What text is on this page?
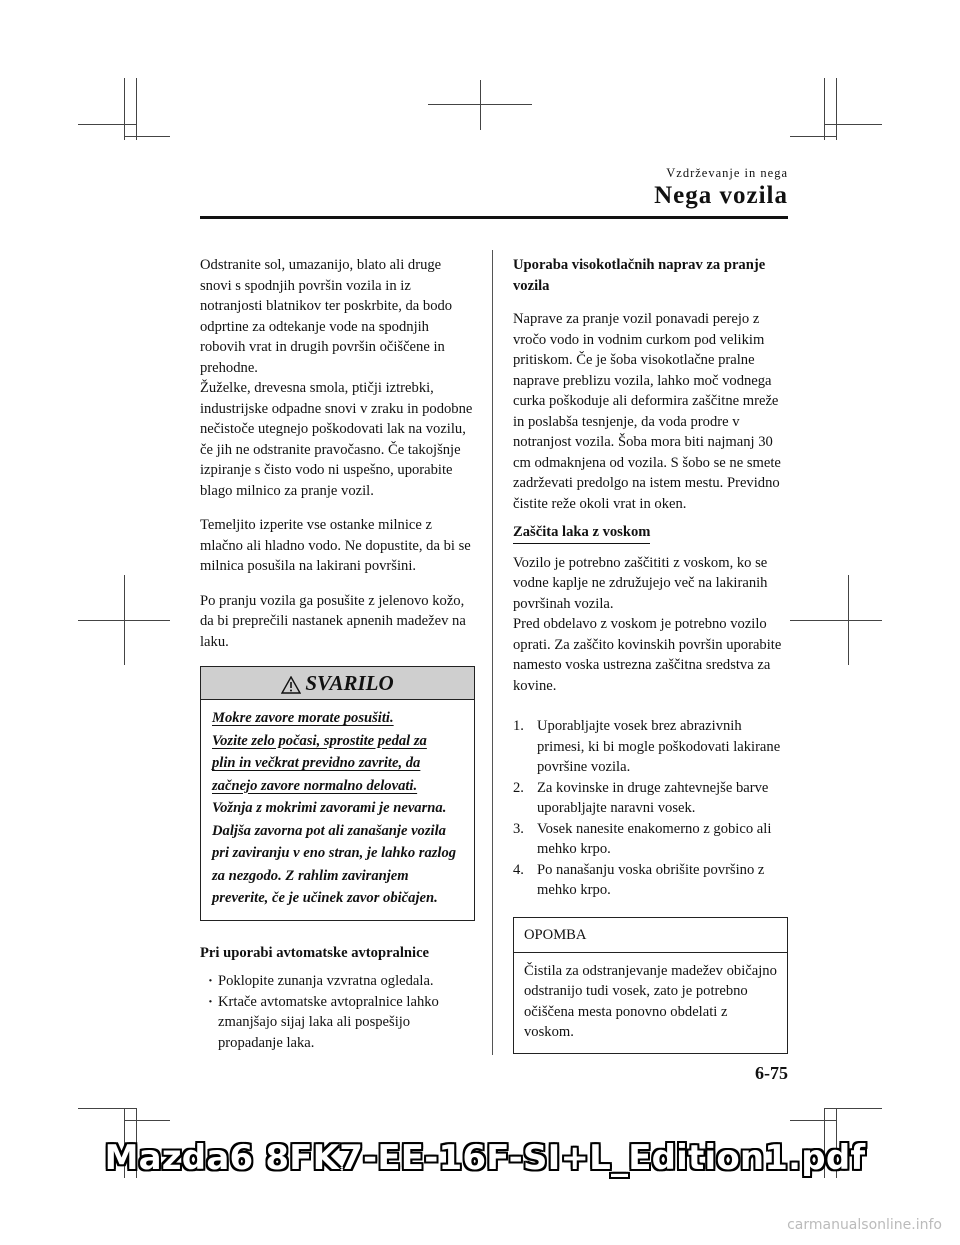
Vzdrževanje in nega
Nega vozila

Odstranite sol, umazanijo, blato ali druge snovi s spodnjih površin vozila in iz notranjosti blatnikov ter poskrbite, da bodo odprtine za odtekanje vode na spodnjih robovih vrat in drugih površin očiščene in prehodne.

Žuželke, drevesna smola, ptičji iztrebki, industrijske odpadne snovi v zraku in podobne nečistoče utegnejo poškodovati lak na vozilu, če jih ne odstranite pravočasno. Če takojšnje izpiranje s čisto vodo ni uspešno, uporabite blago milnico za pranje vozil.

Temeljito izperite vse ostanke milnice z mlačno ali hladno vodo. Ne dopustite, da bi se milnica posušila na lakirani površini.

Po pranju vozila ga posušite z jelenovo kožo, da bi preprečili nastanek apnenih madežev na laku.

SVARILO
Mokre zavore morate posušiti.
Vozite zelo počasi, sprostite pedal za
plin in večkrat previdno zavrite, da
začnejo zavore normalno delovati.
Vožnja z mokrimi zavorami je nevarna. Daljša zavorna pot ali zanašanje vozila pri zaviranju v eno stran, je lahko razlog za nezgodo. Z rahlim zaviranjem preverite, če je učinek zavor običajen.
Pri uporabi avtomatske avtopralnice
· Poklopite zunanja vzvratna ogledala.
· Krtače avtomatske avtopralnice lahko zmanjšajo sijaj laka ali pospešijo propadanje laka.
Uporaba visokotlačnih naprav za pranje vozila

Naprave za pranje vozil ponavadi perejo z vročo vodo in vodnim curkom pod velikim pritiskom. Če je šoba visokotlačne pralne naprave preblizu vozila, lahko moč vodnega curka poškoduje ali deformira zaščitne mreže in poslabša tesnjenje, da voda prodre v notranjost vozila. Šoba mora biti najmanj 30 cm odmaknjena od vozila. S šobo se ne smete zadrževati predolgo na istem mestu. Previdno čistite reže okoli vrat in oken.

Zaščita laka z voskom

Vozilo je potrebno zaščititi z voskom, ko se vodne kaplje ne združujejo več na lakiranih površinah vozila.

Pred obdelavo z voskom je potrebno vozilo oprati. Za zaščito kovinskih površin uporabite namesto voska ustrezna zaščitna sredstva za kovine.

1. Uporabljajte vosek brez abrazivnih primesi, ki bi mogle poškodovati lakirane površine vozila.
2. Za kovinske in druge zahtevnejše barve uporabljajte naravni vosek.
3. Vosek nanesite enakomerno z gobico ali mehko krpo.
4. Po nanašanju voska obrišite površino z mehko krpo.
OPOMBA
Čistila za odstranjevanje madežev običajno odstranijo tudi vosek, zato je potrebno očiščena mesta ponovno obdelati z voskom.
6-75
Mazda6 8FK7-EE-16F-SI+L_Edition1.pdf
carmanualsonline.info
